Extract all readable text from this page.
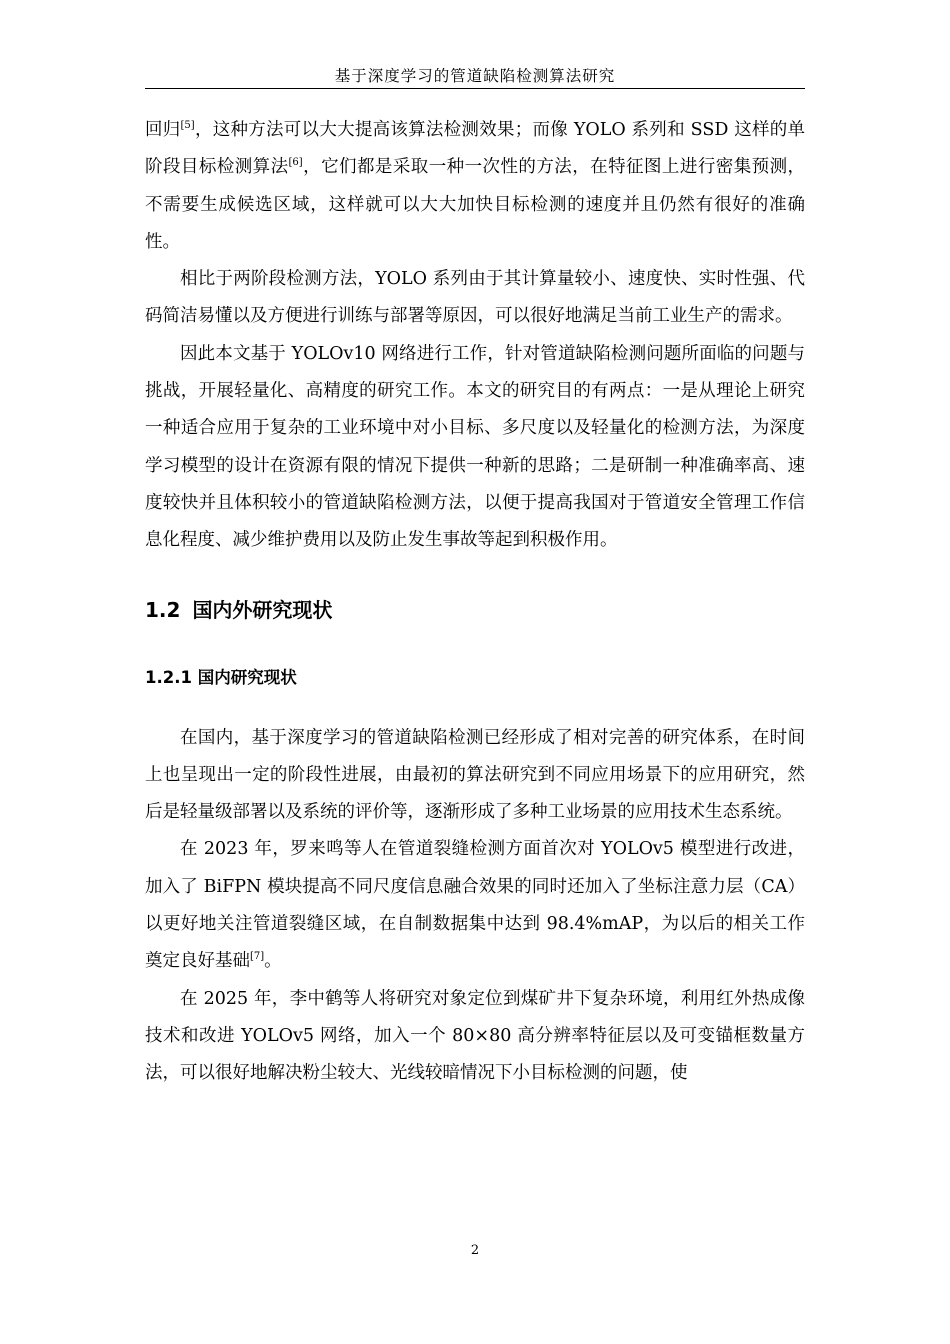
基于深度学习的管道缺陷检测算法研究

回归[5]，这种方法可以大大提高该算法检测效果；而像 YOLO 系列和 SSD 这样的单阶段目标检测算法[6]，它们都是采取一种一次性的方法，在特征图上进行密集预测，不需要生成候选区域，这样就可以大大加快目标检测的速度并且仍然有很好的准确性。

相比于两阶段检测方法，YOLO 系列由于其计算量较小、速度快、实时性强、代码简洁易懂以及方便进行训练与部署等原因，可以很好地满足当前工业生产的需求。

因此本文基于 YOLOv10 网络进行工作，针对管道缺陷检测问题所面临的问题与挑战，开展轻量化、高精度的研究工作。本文的研究目的有两点：一是从理论上研究一种适合应用于复杂的工业环境中对小目标、多尺度以及轻量化的检测方法，为深度学习模型的设计在资源有限的情况下提供一种新的思路；二是研制一种准确率高、速度较快并且体积较小的管道缺陷检测方法，以便于提高我国对于管道安全管理工作信息化程度、减少维护费用以及防止发生事故等起到积极作用。

1.2 国内外研究现状
1.2.1 国内研究现状

在国内，基于深度学习的管道缺陷检测已经形成了相对完善的研究体系，在时间上也呈现出一定的阶段性进展，由最初的算法研究到不同应用场景下的应用研究，然后是轻量级部署以及系统的评价等，逐渐形成了多种工业场景的应用技术生态系统。

在 2023 年，罗来鸣等人在管道裂缝检测方面首次对 YOLOv5 模型进行改进，加入了 BiFPN 模块提高不同尺度信息融合效果的同时还加入了坐标注意力层（CA）以更好地关注管道裂缝区域，在自制数据集中达到 98.4%mAP，为以后的相关工作奠定良好基础[7]。

在 2025 年，李中鹤等人将研究对象定位到煤矿井下复杂环境，利用红外热成像技术和改进 YOLOv5 网络，加入一个 80×80 高分辨率特征层以及可变锚框数量方法，可以很好地解决粉尘较大、光线较暗情况下小目标检测的问题，使

2
